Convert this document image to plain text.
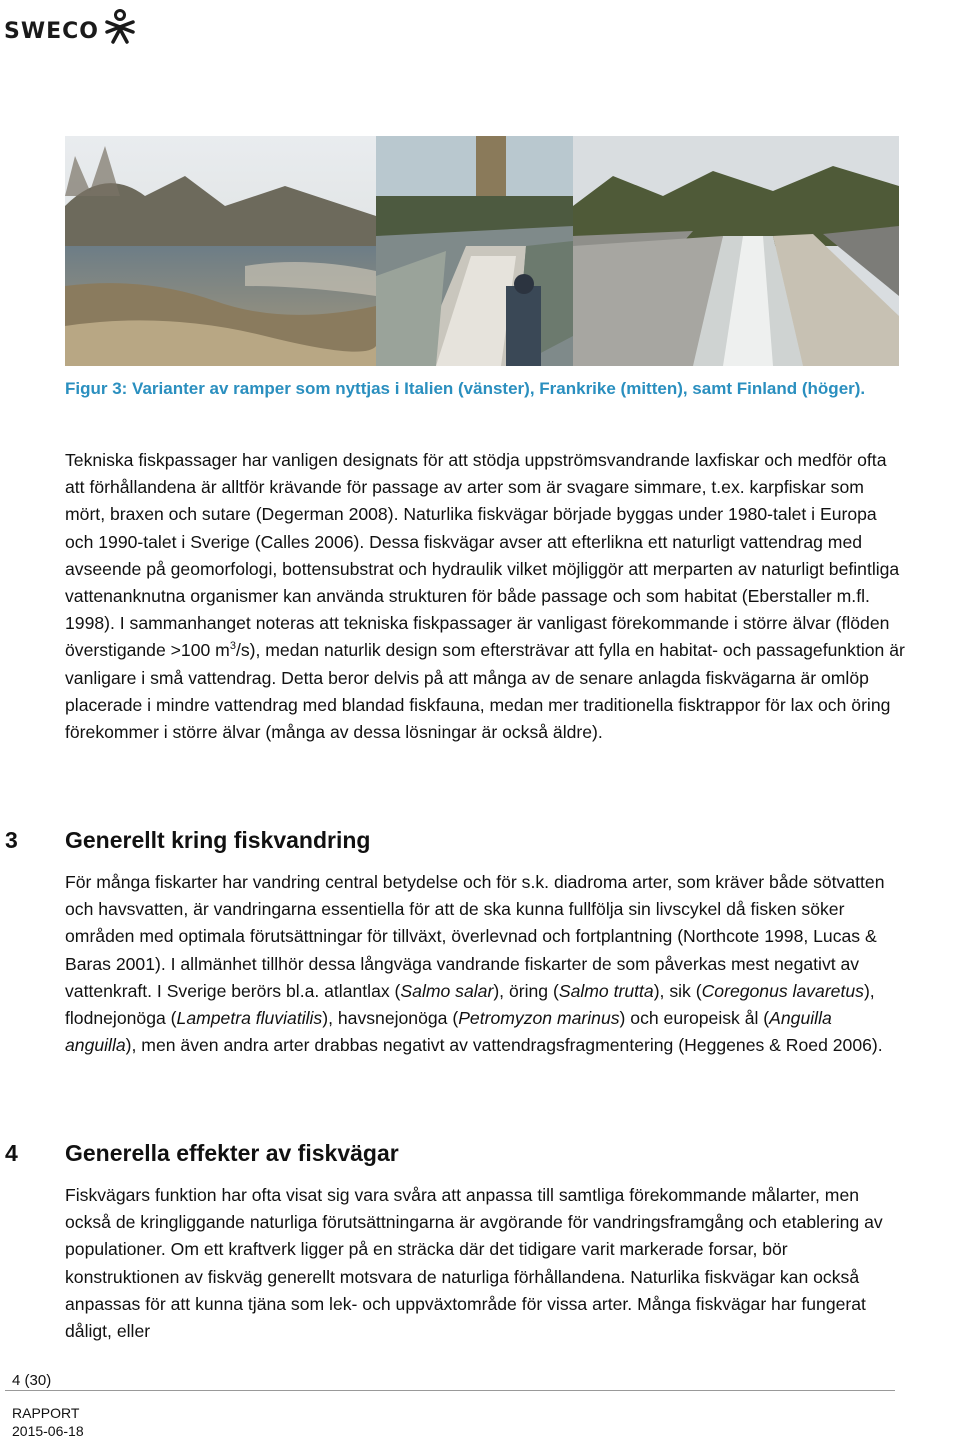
SWECO
Figur 3: Varianter av ramper som nyttjas i Italien (vänster), Frankrike (mitten), samt Finland (höger).

Tekniska fiskpassager har vanligen designats för att stödja uppströmsvandrande laxfiskar och medför ofta att förhållandena är alltför krävande för passage av arter som är svagare simmare, t.ex. karpfiskar som mört, braxen och sutare (Degerman 2008). Naturlika fiskvägar började byggas under 1980-talet i Europa och 1990-talet i Sverige (Calles 2006). Dessa fiskvägar avser att efterlikna ett naturligt vattendrag med avseende på geomorfologi, bottensubstrat och hydraulik vilket möjliggör att merparten av naturligt befintliga vattenanknutna organismer kan använda strukturen för både passage och som habitat (Eberstaller m.fl. 1998). I sammanhanget noteras att tekniska fiskpassager är vanligast förekommande i större älvar (flöden överstigande >100 $m^3/s$), medan naturlik design som eftersträvar att fylla en habitat- och passagefunktion är vanligare i små vattendrag. Detta beror delvis på att många av de senare anlagda fiskvägarna är omlöp placerade i mindre vattendrag med blandad fiskfauna, medan mer traditionella fisktrappor för lax och öring förekommer i större älvar (många av dessa lösningar är också äldre).

3	Generellt kring fiskvandring

För många fiskarter har vandring central betydelse och för s.k. diadroma arter, som kräver både sötvatten och havsvatten, är vandringarna essentiella för att de ska kunna fullfölja sin livscykel då fisken söker områden med optimala förutsättningar för tillväxt, överlevnad och fortplantning (Northcote 1998, Lucas & Baras 2001). I allmänhet tillhör dessa långväga vandrande fiskarter de som påverkas mest negativt av vattenkraft. I Sverige berörs bl.a. atlantlax (Salmo salar), öring (Salmo trutta), sik (Coregonus lavaretus), flodnejonöga (Lampetra fluviatilis), havsnejonöga (Petromyzon marinus) och europeisk ål (Anguilla anguilla), men även andra arter drabbas negativt av vattendragsfragmentering (Heggenes & Roed 2006).

4	Generella effekter av fiskvägar

Fiskvägars funktion har ofta visat sig vara svåra att anpassa till samtliga förekommande målarter, men också de kringliggande naturliga förutsättningarna är avgörande för vandringsframgång och etablering av populationer. Om ett kraftverk ligger på en sträcka där det tidigare varit markerade forsar, bör konstruktionen av fiskväg generellt motsvara de naturliga förhållandena. Naturlika fiskvägar kan också anpassas för att kunna tjäna som lek- och uppväxtområde för vissa arter. Många fiskvägar har fungerat dåligt, eller

4 (30)
RAPPORT
2015-06-18
